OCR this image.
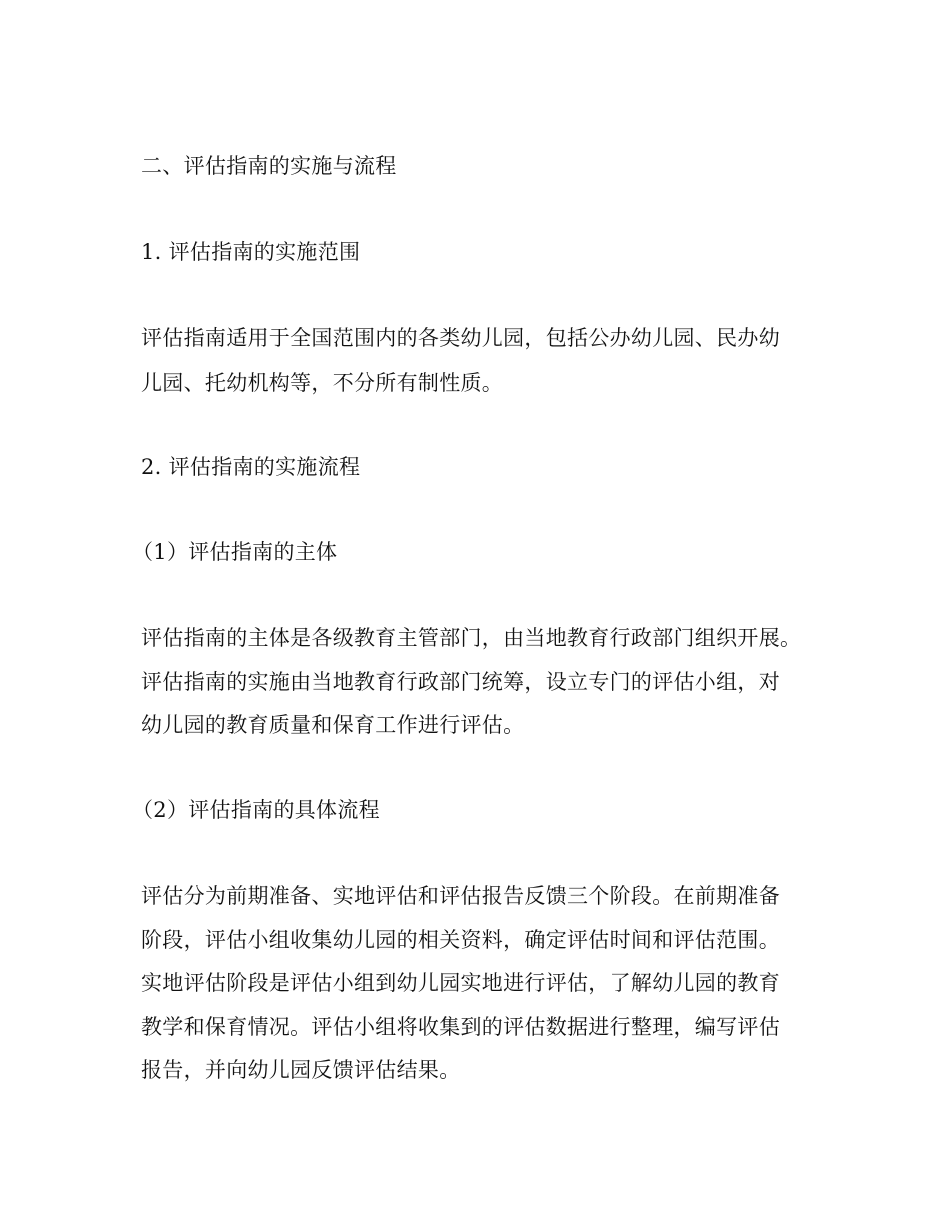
二、评估指南的实施与流程
1. 评估指南的实施范围
评估指南适用于全国范围内的各类幼儿园，包括公办幼儿园、民办幼
儿园、托幼机构等，不分所有制性质。
2. 评估指南的实施流程
（1）评估指南的主体
评估指南的主体是各级教育主管部门，由当地教育行政部门组织开展。
评估指南的实施由当地教育行政部门统筹，设立专门的评估小组，对
幼儿园的教育质量和保育工作进行评估。
（2）评估指南的具体流程
评估分为前期准备、实地评估和评估报告反馈三个阶段。在前期准备
阶段，评估小组收集幼儿园的相关资料，确定评估时间和评估范围。
实地评估阶段是评估小组到幼儿园实地进行评估，了解幼儿园的教育
教学和保育情况。评估小组将收集到的评估数据进行整理，编写评估
报告，并向幼儿园反馈评估结果。
